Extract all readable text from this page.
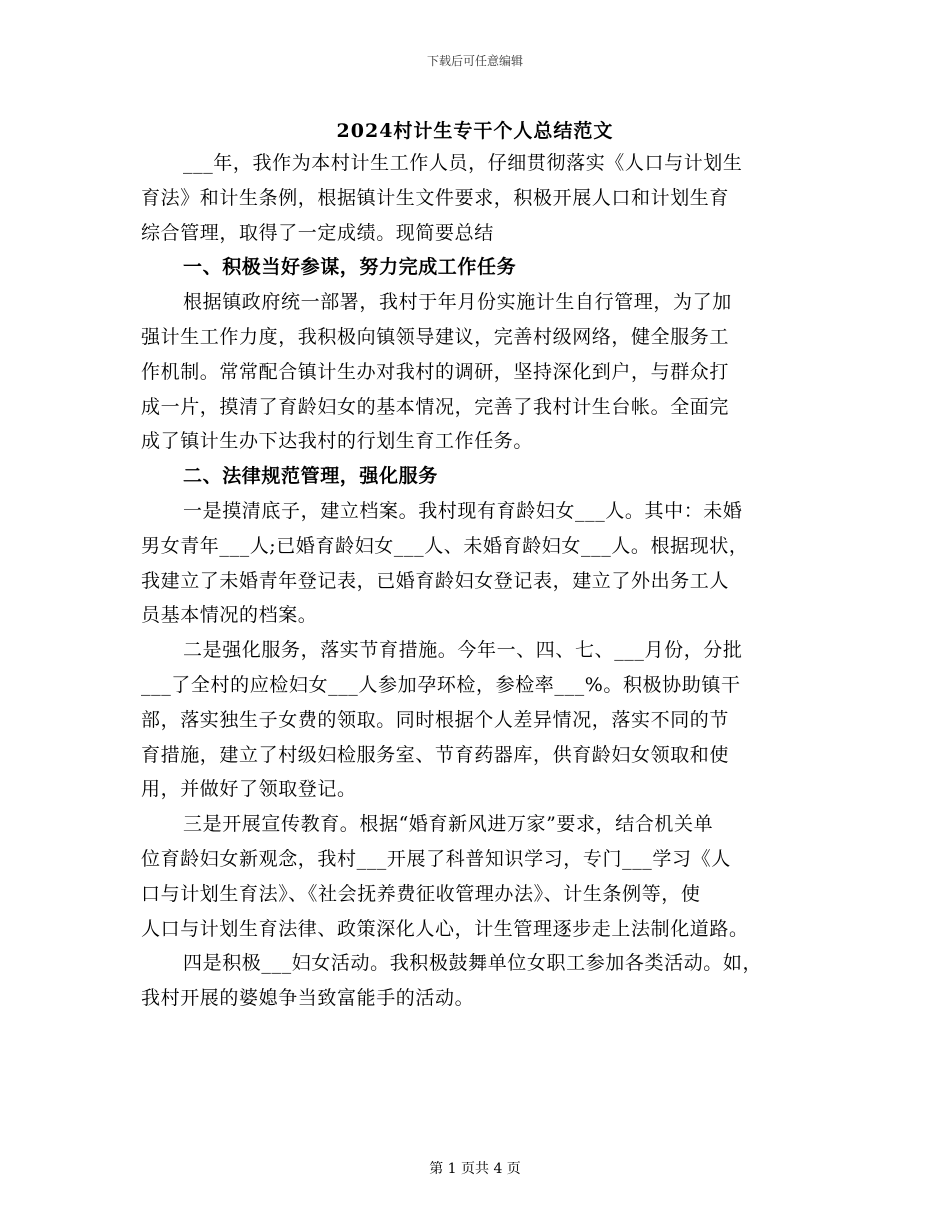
下载后可任意编辑
2024村计生专干个人总结范文
___年，我作为本村计生工作人员，仔细贯彻落实《人口与计划生
育法》和计生条例，根据镇计生文件要求，积极开展人口和计划生育
综合管理，取得了一定成绩。现简要总结
一、积极当好参谋，努力完成工作任务
根据镇政府统一部署，我村于年月份实施计生自行管理，为了加
强计生工作力度，我积极向镇领导建议，完善村级网络，健全服务工
作机制。常常配合镇计生办对我村的调研，坚持深化到户，与群众打
成一片，摸清了育龄妇女的基本情况，完善了我村计生台帐。全面完
成了镇计生办下达我村的行划生育工作任务。
二、法律规范管理，强化服务
一是摸清底子，建立档案。我村现有育龄妇女___人。其中：未婚
男女青年___人;已婚育龄妇女___人、未婚育龄妇女___人。根据现状，
我建立了未婚青年登记表，已婚育龄妇女登记表，建立了外出务工人
员基本情况的档案。
二是强化服务，落实节育措施。今年一、四、七、___月份，分批
___了全村的应检妇女___人参加孕环检，参检率___%。积极协助镇干
部，落实独生子女费的领取。同时根据个人差异情况，落实不同的节
育措施，建立了村级妇检服务室、节育药器库，供育龄妇女领取和使
用，并做好了领取登记。
三是开展宣传教育。根据“婚育新风进万家”要求，结合机关单
位育龄妇女新观念，我村___开展了科普知识学习，专门___学习《人
口与计划生育法》、《社会抚养费征收管理办法》、计生条例等，使
人口与计划生育法律、政策深化人心，计生管理逐步走上法制化道路。
四是积极___妇女活动。我积极鼓舞单位女职工参加各类活动。如，
我村开展的婆媳争当致富能手的活动。
第 1 页共 4 页
